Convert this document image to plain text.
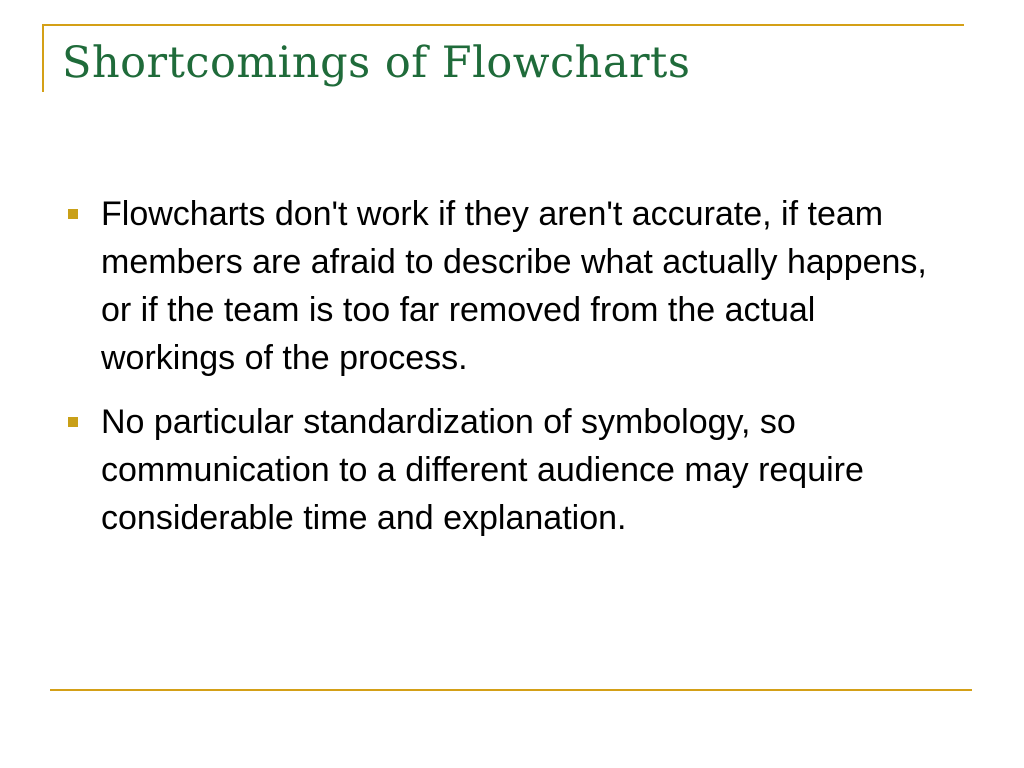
Shortcomings of Flowcharts
Flowcharts don't work if they aren't accurate, if team members are afraid to describe what actually happens, or if the team is too far removed from the actual workings of the process.
No particular standardization of symbology, so communication to a different audience may require considerable time and explanation.
